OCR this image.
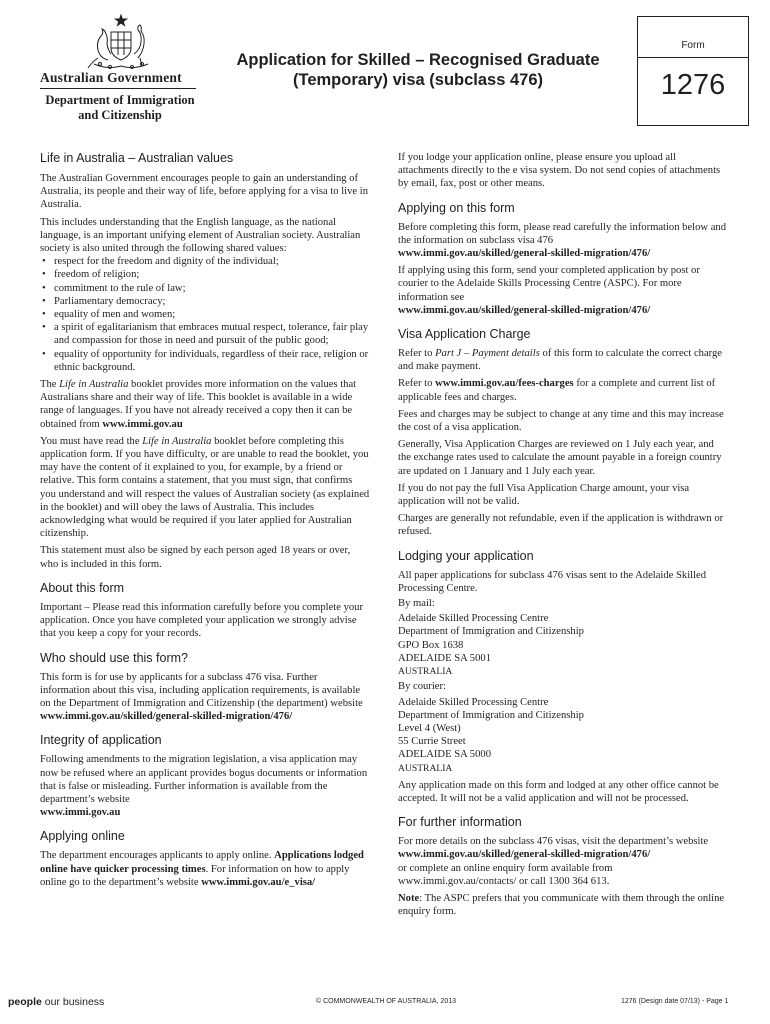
Australian Government
Department of Immigration
and Citizenship
Application for Skilled – Recognised Graduate
(Temporary) visa (subclass 476)
Form
1276
Life in Australia – Australian values

The Australian Government encourages people to gain an understanding of Australia, its people and their way of life, before applying for a visa to live in Australia.

This includes understanding that the English language, as the national language, is an important unifying element of Australian society. Australian society is also united through the following shared values:

• respect for the freedom and dignity of the individual;
• freedom of religion;
• commitment to the rule of law;
• Parliamentary democracy;
• equality of men and women;
• a spirit of egalitarianism that embraces mutual respect, tolerance, fair play and compassion for those in need and pursuit of the public good;
• equality of opportunity for individuals, regardless of their race, religion or ethnic background.

The Life in Australia booklet provides more information on the values that Australians share and their way of life. This booklet is available in a wide range of languages. If you have not already received a copy then it can be obtained from www.immi.gov.au

You must have read the Life in Australia booklet before completing this application form. If you have difficulty, or are unable to read the booklet, you may have the content of it explained to you, for example, by a friend or relative. This form contains a statement, that you must sign, that confirms you understand and will respect the values of Australian society (as explained in the booklet) and will obey the laws of Australia. This includes acknowledging what would be required if you later applied for Australian citizenship.

This statement must also be signed by each person aged 18 years or over, who is included in this form.

About this form

Important – Please read this information carefully before you complete your application. Once you have completed your application we strongly advise that you keep a copy for your records.

Who should use this form?

This form is for use by applicants for a subclass 476 visa. Further information about this visa, including application requirements, is available on the Department of Immigration and Citizenship (the department) website

www.immi.gov.au/skilled/general-skilled-migration/476/

Integrity of application

Following amendments to the migration legislation, a visa application may now be refused where an applicant provides bogus documents or information that is false or misleading. Further information is available from the department’s website

www.immi.gov.au

Applying online

The department encourages applicants to apply online. Applications lodged online have quicker processing times. For information on how to apply online go to the department’s website www.immi.gov.au/e_visa/

If you lodge your application online, please ensure you upload all attachments directly to the e visa system. Do not send copies of attachments by email, fax, post or other means.

Applying on this form

Before completing this form, please read carefully the information below and the information on subclass visa 476

www.immi.gov.au/skilled/general-skilled-migration/476/

If applying using this form, send your completed application by post or courier to the Adelaide Skills Processing Centre (ASPC). For more information see

www.immi.gov.au/skilled/general-skilled-migration/476/

Visa Application Charge

Refer to Part J – Payment details of this form to calculate the correct charge and make payment.

Refer to www.immi.gov.au/fees-charges for a complete and current list of applicable fees and charges.

Fees and charges may be subject to change at any time and this may increase the cost of a visa application.

Generally, Visa Application Charges are reviewed on 1 July each year, and the exchange rates used to calculate the amount payable in a foreign country are updated on 1 January and 1 July each year.

If you do not pay the full Visa Application Charge amount, your visa application will not be valid.

Charges are generally not refundable, even if the application is withdrawn or refused.

Lodging your application

All paper applications for subclass 476 visas sent to the Adelaide Skilled Processing Centre.

By mail:

Adelaide Skilled Processing Centre
Department of Immigration and Citizenship
GPO Box 1638
ADELAIDE SA 5001
AUSTRALIA

By courier:

Adelaide Skilled Processing Centre
Department of Immigration and Citizenship
Level 4 (West)
55 Currie Street
ADELAIDE SA 5000
AUSTRALIA

Any application made on this form and lodged at any other office cannot be accepted. It will not be a valid application and will not be processed.

For further information

For more details on the subclass 476 visas, visit the department’s website

www.immi.gov.au/skilled/general-skilled-migration/476/

or complete an online enquiry form available from www.immi.gov.au/contacts/ or call 1300 364 613.

Note: The ASPC prefers that you communicate with them through the online enquiry form.

people our business	© COMMONWEALTH OF AUSTRALIA, 2013	1276 (Design date 07/13) - Page 1
